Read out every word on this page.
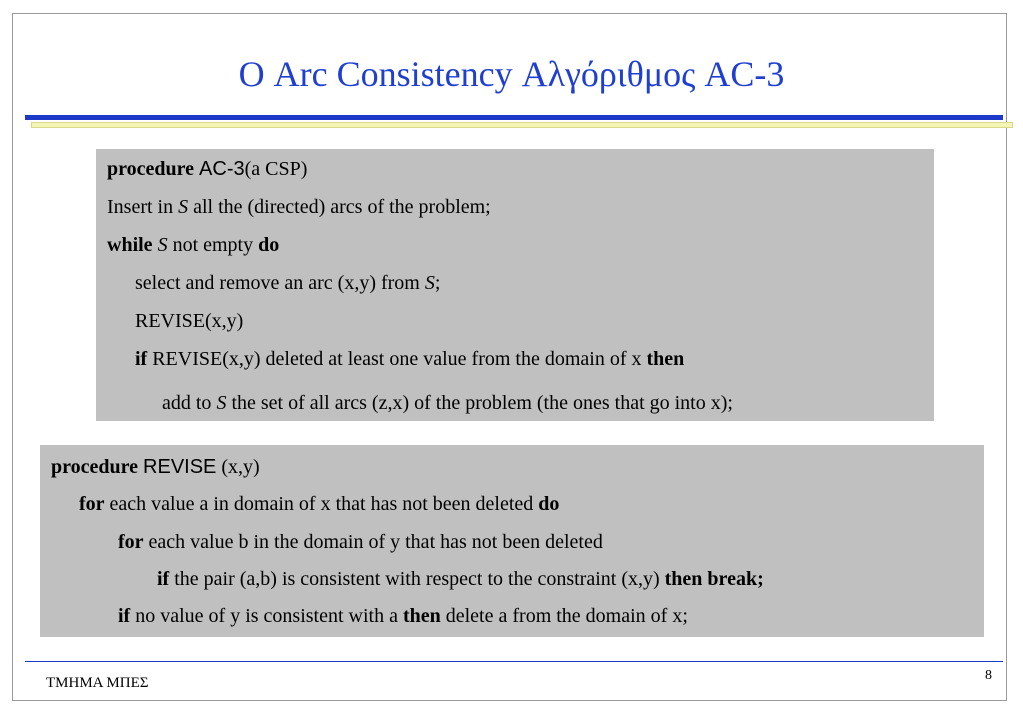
Ο Arc Consistency Αλγόριθμος AC-3
procedure AC-3(a CSP)
Insert in S all the (directed) arcs of the problem;
while S not empty do
select and remove an arc (x,y) from S;
REVISE(x,y)
if REVISE(x,y) deleted at least one value from the domain of x then
add to S the set of all arcs (z,x) of the problem (the ones that go into x);
procedure REVISE (x,y)
for each value a in domain of x that has not been deleted do
for each value b in the domain of y that has not been deleted
if the pair (a,b) is consistent with respect to the constraint (x,y) then break;
if no value of y is consistent with a then delete a from the domain of x;
ΤΜΗΜΑ ΜΠΕΣ	8
